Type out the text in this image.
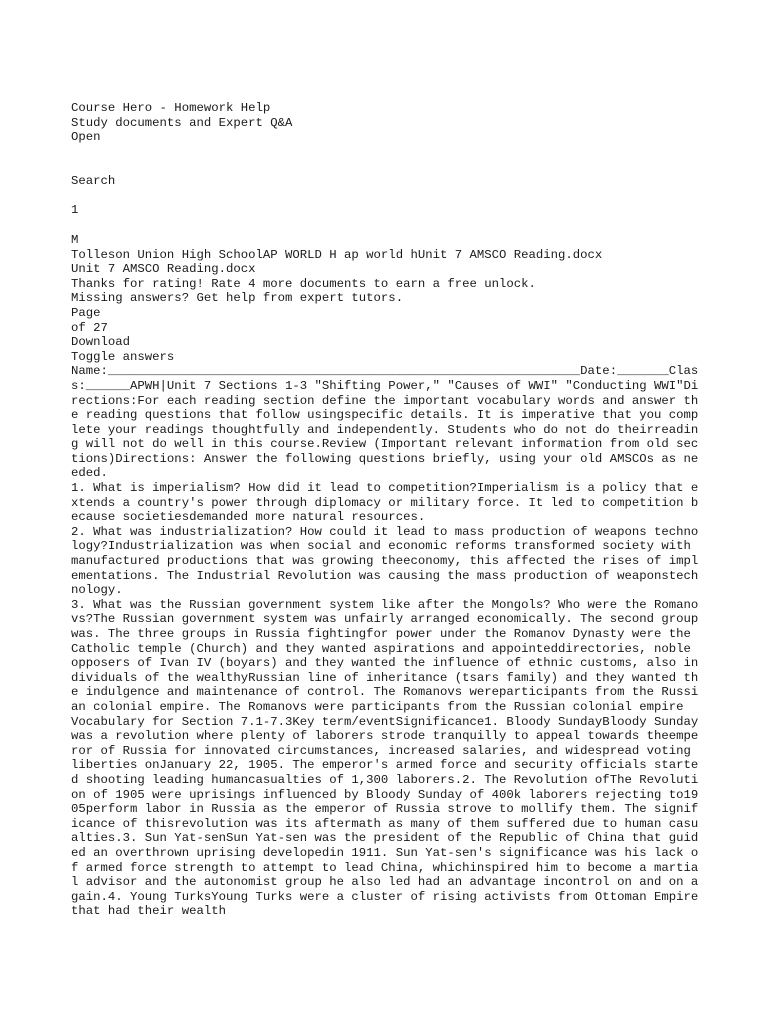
Course Hero - Homework Help
Study documents and Expert Q&A
Open
Search
1
M
Tolleson Union High SchoolAP WORLD H ap world hUnit 7 AMSCO Reading.docx
Unit 7 AMSCO Reading.docx
Thanks for rating! Rate 4 more documents to earn a free unlock.
Missing answers? Get help from expert tutors.
Page
of 27
Download
Toggle answers

Name:________________________________________________________________Date:_______Class:______APWH|Unit 7 Sections 1-3 "Shifting Power," "Causes of WWI" "Conducting WWI"Directions:For each reading section define the important vocabulary words and answer the reading questions that follow usingspecific details. It is imperative that you complete your readings thoughtfully and independently. Students who do not do theirreading will not do well in this course.Review (Important relevant information from old sections)Directions: Answer the following questions briefly, using your old AMSCOs as needed.

1. What is imperialism? How did it lead to competition?Imperialism is a policy that extends a country's power through diplomacy or military force. It led to competition because societiesdemanded more natural resources.

2. What was industrialization? How could it lead to mass production of weapons technology?Industrialization was when social and economic reforms transformed society with manufactured productions that was growing theeconomy, this affected the rises of implementations. The Industrial Revolution was causing the mass production of weaponstechnology.

3. What was the Russian government system like after the Mongols? Who were the Romanovs?The Russian government system was unfairly arranged economically. The second group was. The three groups in Russia fightingfor power under the Romanov Dynasty were the Catholic temple (Church) and they wanted aspirations and appointeddirectories, noble opposers of Ivan IV (boyars) and they wanted the influence of ethnic customs, also individuals of the wealthyRussian line of inheritance (tsars family) and they wanted the indulgence and maintenance of control. The Romanovs wereparticipants from the Russian colonial empire. The Romanovs were participants from the Russian colonial empire

Vocabulary for Section 7.1-7.3Key term/eventSignificance1. Bloody SundayBloody Sunday was a revolution where plenty of laborers strode tranquilly to appeal towards theemperor of Russia for innovated circumstances, increased salaries, and widespread voting liberties onJanuary 22, 1905. The emperor's armed force and security officials started shooting leading humancasualties of 1,300 laborers.2. The Revolution ofThe Revolution of 1905 were uprisings influenced by Bloody Sunday of 400k laborers rejecting to1905perform labor in Russia as the emperor of Russia strove to mollify them. The significance of thisrevolution was its aftermath as many of them suffered due to human casualties.3. Sun Yat-senSun Yat-sen was the president of the Republic of China that guided an overthrown uprising developedin 1911. Sun Yat-sen's significance was his lack of armed force strength to attempt to lead China, whichinspired him to become a martial advisor and the autonomist group he also led had an advantage incontrol on and on again.4. Young TurksYoung Turks were a cluster of rising activists from Ottoman Empire that had their wealth
